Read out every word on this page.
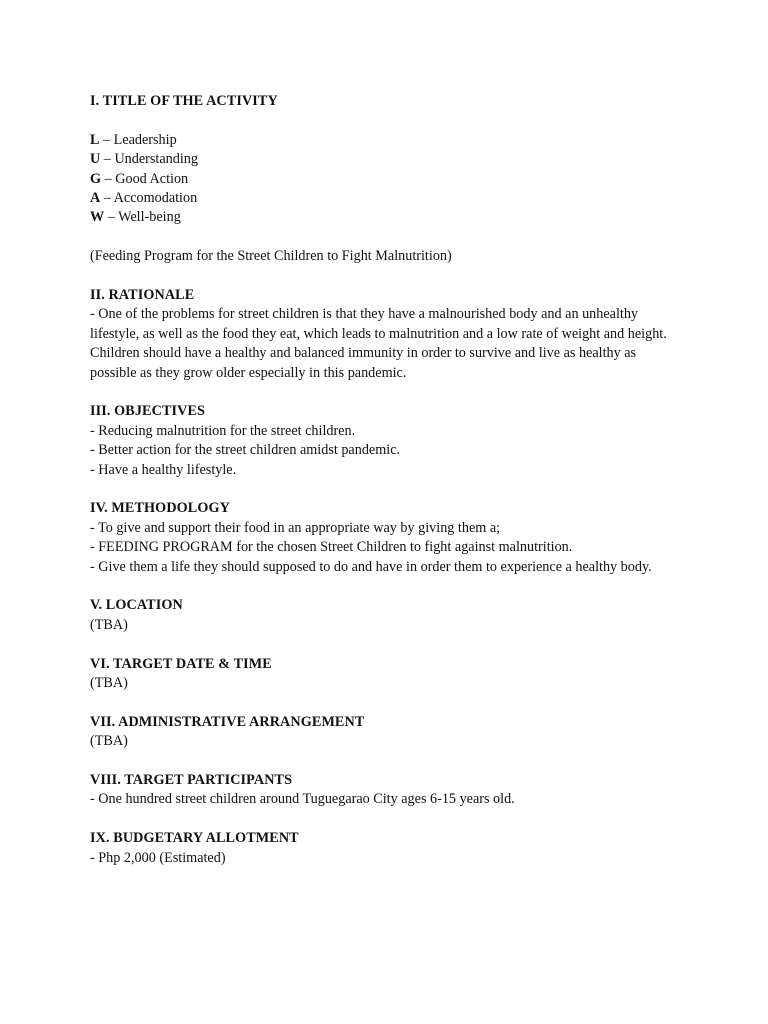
I. TITLE OF THE ACTIVITY
L – Leadership
U – Understanding
G – Good Action
A – Accomodation
W – Well-being
(Feeding Program for the Street Children to Fight Malnutrition)
II. RATIONALE
- One of the problems for street children is that they have a malnourished body and an unhealthy lifestyle, as well as the food they eat, which leads to malnutrition and a low rate of weight and height. Children should have a healthy and balanced immunity in order to survive and live as healthy as possible as they grow older especially in this pandemic.
III. OBJECTIVES
- Reducing malnutrition for the street children.
- Better action for the street children amidst pandemic.
- Have a healthy lifestyle.
IV. METHODOLOGY
- To give and support their food in an appropriate way by giving them a;
- FEEDING PROGRAM for the chosen Street Children to fight against malnutrition.
- Give them a life they should supposed to do and have in order them to experience a healthy body.
V. LOCATION
(TBA)
VI. TARGET DATE & TIME
(TBA)
VII. ADMINISTRATIVE ARRANGEMENT
(TBA)
VIII. TARGET PARTICIPANTS
- One hundred street children around Tuguegarao City ages 6-15 years old.
IX. BUDGETARY ALLOTMENT
- Php 2,000 (Estimated)
